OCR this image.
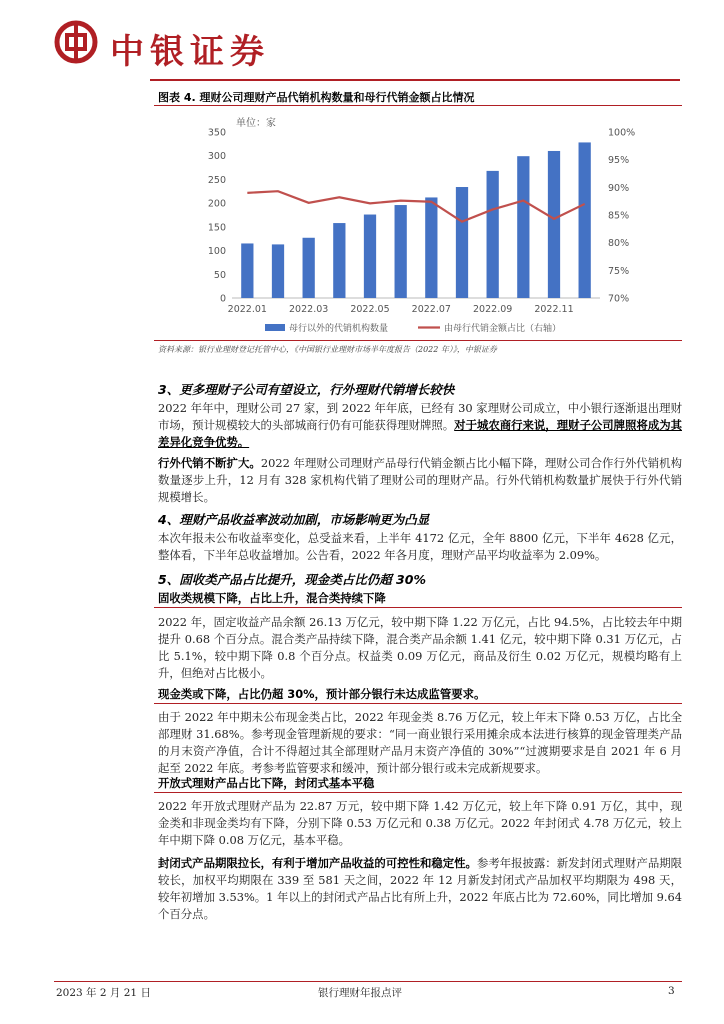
中银证券
图表 4. 理财公司理财产品代销机构数量和母行代销金额占比情况
单位：家
0
50
100
150
200
250
300
350
70%
75%
80%
85%
90%
95%
100%
2022.01 2022.03 2022.05 2022.07 2022.09 2022.11
母行以外的代销机构数量	由母行代销金额占比（右轴）
资料来源：银行业理财登记托管中心，《中国银行业理财市场半年度报告（2022 年）》，中银证券
3、更多理财子公司有望设立，行外理财代销增长较快
2022 年年中，理财公司 27 家，到 2022 年年底，已经有 30 家理财公司成立，中小银行逐渐退出理财市场，预计规模较大的头部城商行仍有可能获得理财牌照。对于城农商行来说，理财子公司牌照将成为其差异化竞争优势。
行外代销不断扩大。2022 年理财公司理财产品母行代销金额占比小幅下降，理财公司合作行外代销机构数量逐步上升，12 月有 328 家机构代销了理财公司的理财产品。行外代销机构数量扩展快于行外代销规模增长。
4、理财产品收益率波动加剧，市场影响更为凸显
本次年报未公布收益率变化，总受益来看，上半年 4172 亿元，全年 8800 亿元，下半年 4628 亿元，整体看，下半年总收益增加。公告看，2022 年各月度，理财产品平均收益率为 2.09%。
5、固收类产品占比提升，现金类占比仍超 30%
固收类规模下降，占比上升，混合类持续下降
2022 年，固定收益产品余额 26.13 万亿元，较中期下降 1.22 万亿元，占比 94.5%，占比较去年中期提升 0.68 个百分点。混合类产品持续下降，混合类产品余额 1.41 亿元，较中期下降 0.31 万亿元，占比 5.1%，较中期下降 0.8 个百分点。权益类 0.09 万亿元，商品及衍生 0.02 万亿元，规模均略有上升，但绝对占比极小。
现金类或下降，占比仍超 30%，预计部分银行未达成监管要求。
由于 2022 年中期未公布现金类占比，2022 年现金类 8.76 万亿元，较上年末下降 0.53 万亿，占比全部理财 31.68%。参考现金管理新规的要求：“同一商业银行采用摊余成本法进行核算的现金管理类产品的月末资产净值，合计不得超过其全部理财产品月末资产净值的 30%”“过渡期要求是自 2021 年 6 月起至 2022 年底。考参考监管要求和缓冲，预计部分银行或未完成新规要求。
开放式理财产品占比下降，封闭式基本平稳
2022 年开放式理财产品为 22.87 万元，较中期下降 1.42 万亿元，较上年下降 0.91 万亿，其中，现金类和非现金类均有下降，分别下降 0.53 万亿元和 0.38 万亿元。2022 年封闭式 4.78 万亿元，较上年中期下降 0.08 万亿元，基本平稳。
封闭式产品期限拉长，有利于增加产品收益的可控性和稳定性。参考年报披露：新发封闭式理财产品期限较长，加权平均期限在 339 至 581 天之间，2022 年 12 月新发封闭式产品加权平均期限为 498 天，较年初增加 3.53%。1 年以上的封闭式产品占比有所上升，2022 年底占比为 72.60%，同比增加 9.64 个百分点。
2023 年 2 月 21 日	银行理财年报点评	3
